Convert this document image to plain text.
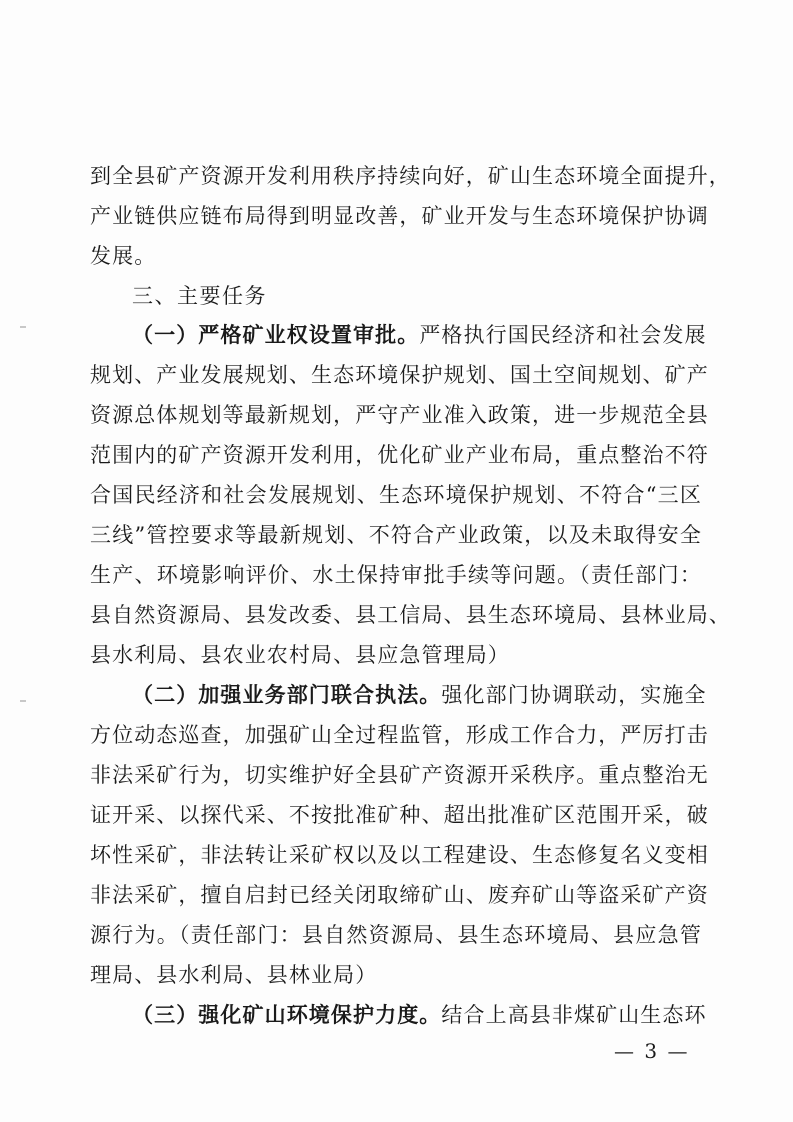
到全县矿产资源开发利用秩序持续向好，矿山生态环境全面提升，
产业链供应链布局得到明显改善，矿业开发与生态环境保护协调
发展。
三、主要任务
（一）严格矿业权设置审批。严格执行国民经济和社会发展
规划、产业发展规划、生态环境保护规划、国土空间规划、矿产
资源总体规划等最新规划，严守产业准入政策，进一步规范全县
范围内的矿产资源开发利用，优化矿业产业布局，重点整治不符
合国民经济和社会发展规划、生态环境保护规划、不符合“三区
三线”管控要求等最新规划、不符合产业政策，以及未取得安全
生产、环境影响评价、水土保持审批手续等问题。（责任部门：
县自然资源局、县发改委、县工信局、县生态环境局、县林业局、
县水利局、县农业农村局、县应急管理局）
（二）加强业务部门联合执法。强化部门协调联动，实施全
方位动态巡查，加强矿山全过程监管，形成工作合力，严厉打击
非法采矿行为，切实维护好全县矿产资源开采秩序。重点整治无
证开采、以探代采、不按批准矿种、超出批准矿区范围开采，破
坏性采矿，非法转让采矿权以及以工程建设、生态修复名义变相
非法采矿，擅自启封已经关闭取缔矿山、废弃矿山等盗采矿产资
源行为。（责任部门：县自然资源局、县生态环境局、县应急管
理局、县水利局、县林业局）
（三）强化矿山环境保护力度。结合上高县非煤矿山生态环
— 3 —
